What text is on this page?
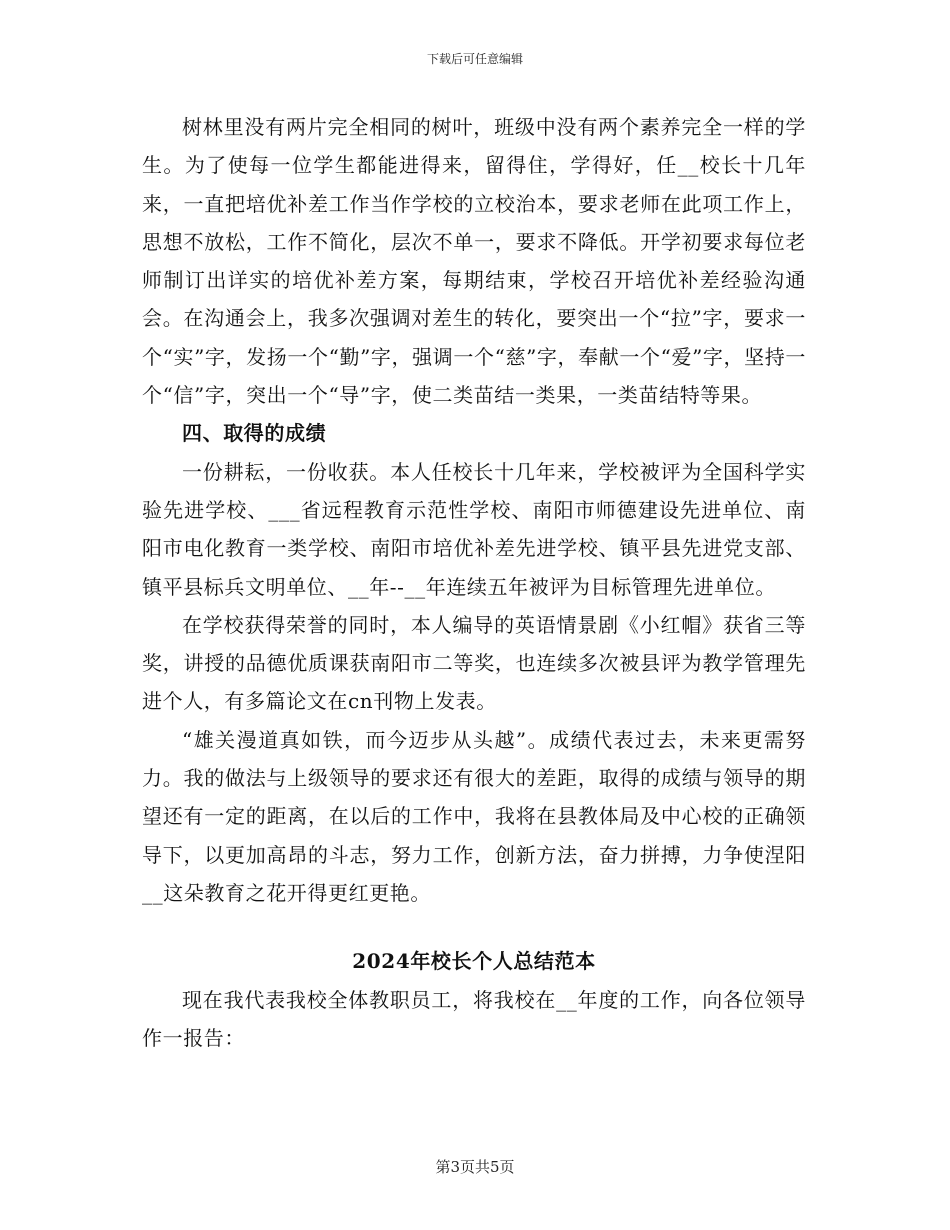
下载后可任意编辑

树林里没有两片完全相同的树叶，班级中没有两个素养完全一样的学生。为了使每一位学生都能进得来，留得住，学得好，任__校长十几年来，一直把培优补差工作当作学校的立校治本，要求老师在此项工作上，思想不放松，工作不简化，层次不单一，要求不降低。开学初要求每位老师制订出详实的培优补差方案，每期结束，学校召开培优补差经验沟通会。在沟通会上，我多次强调对差生的转化，要突出一个“拉”字，要求一个“实”字，发扬一个“勤”字，强调一个“慈”字，奉献一个“爱”字，坚持一个“信”字，突出一个“导”字，使二类苗结一类果，一类苗结特等果。

四、取得的成绩

一份耕耘，一份收获。本人任校长十几年来，学校被评为全国科学实验先进学校、___省远程教育示范性学校、南阳市师德建设先进单位、南阳市电化教育一类学校、南阳市培优补差先进学校、镇平县先进党支部、镇平县标兵文明单位、__年--__年连续五年被评为目标管理先进单位。

在学校获得荣誉的同时，本人编导的英语情景剧《小红帽》获省三等奖，讲授的品德优质课获南阳市二等奖，也连续多次被县评为教学管理先进个人，有多篇论文在cn刊物上发表。

“雄关漫道真如铁，而今迈步从头越”。成绩代表过去，未来更需努力。我的做法与上级领导的要求还有很大的差距，取得的成绩与领导的期望还有一定的距离，在以后的工作中，我将在县教体局及中心校的正确领导下，以更加高昂的斗志，努力工作，创新方法，奋力拼搏，力争使涅阳__这朵教育之花开得更红更艳。

2024年校长个人总结范本

现在我代表我校全体教职员工，将我校在__年度的工作，向各位领导作一报告：

第3页共5页
